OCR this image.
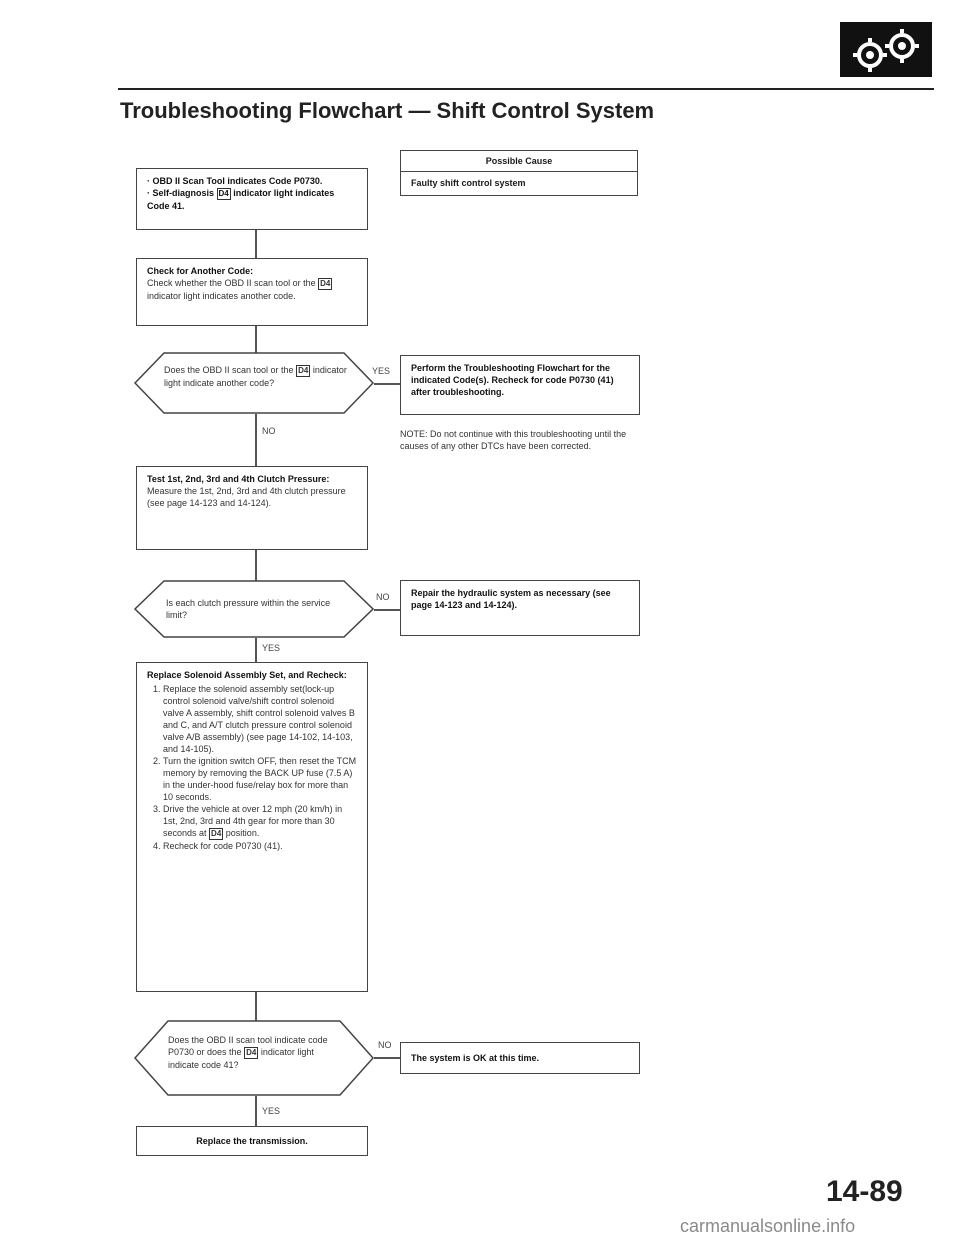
Troubleshooting Flowchart — Shift Control System
Possible Cause
Faulty shift control system
· OBD II Scan Tool indicates Code P0730.
· Self-diagnosis D4 indicator light indicates Code 41.
Check for Another Code:
Check whether the OBD II scan tool or the D4 indicator light indicates another code.
Does the OBD II scan tool or the D4 indicator light indicate another code?
YES
NO
Perform the Troubleshooting Flowchart for the indicated Code(s). Recheck for code P0730 (41) after troubleshooting.
NOTE: Do not continue with this troubleshooting until the causes of any other DTCs have been corrected.
Test 1st, 2nd, 3rd and 4th Clutch Pressure:
Measure the 1st, 2nd, 3rd and 4th clutch pressure (see page 14-123 and 14-124).
Is each clutch pressure within the service limit?
NO
YES
Repair the hydraulic system as necessary (see page 14-123 and 14-124).
Replace Solenoid Assembly Set, and Recheck:
1. Replace the solenoid assembly set(lock-up control solenoid valve/shift control solenoid valve A assembly, shift control solenoid valves B and C, and A/T clutch pressure control solenoid valve A/B assembly) (see page 14-102, 14-103, and 14-105).
2. Turn the ignition switch OFF, then reset the TCM memory by removing the BACK UP fuse (7.5 A) in the under-hood fuse/relay box for more than 10 seconds.
3. Drive the vehicle at over 12 mph (20 km/h) in 1st, 2nd, 3rd and 4th gear for more than 30 seconds at D4 position.
4. Recheck for code P0730 (41).
Does the OBD II scan tool indicate code P0730 or does the D4 indicator light indicate code 41?
NO
YES
The system is OK at this time.
Replace the transmission.
14-89
carmanualsonline.info
